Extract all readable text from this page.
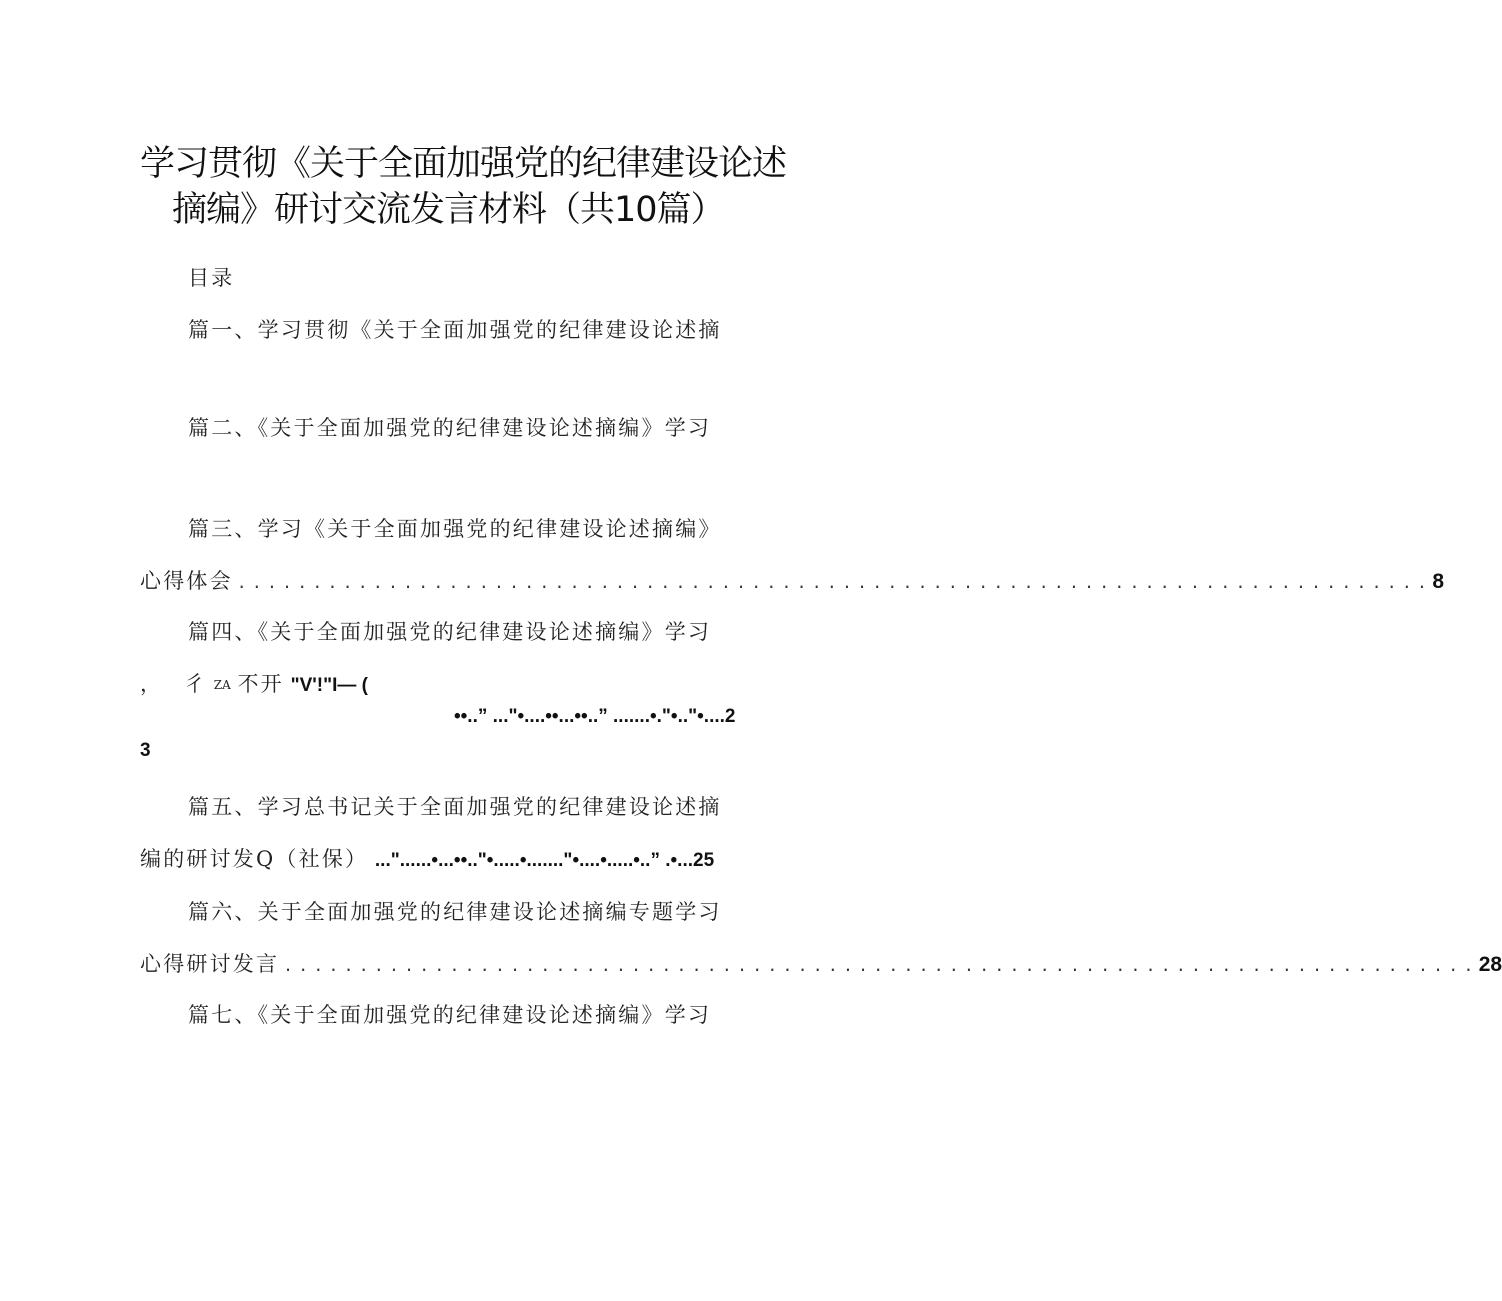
学习贯彻《关于全面加强党的纪律建设论述
摘编》研讨交流发言材料（共10篇）
目录
篇一、学习贯彻《关于全面加强党的纪律建设论述摘
篇二、《关于全面加强党的纪律建设论述摘编》学习
篇三、学习《关于全面加强党的纪律建设论述摘编》
心得体会 ............................................................................... 8
篇四、《关于全面加强党的纪律建设论述摘编》学习
， 彳 ZA 不开 "V'!"I— (
••..” ..."•....••...••..” .......•."•.."•....2
3
篇五、学习总书记关于全面加强党的纪律建设论述摘
编的研讨发Q（社保） ..."......•...••.."•.....•......."•....•.....•..” .•...25
篇六、关于全面加强党的纪律建设论述摘编专题学习
心得研讨发言 ............................................................................... 28
篇七、《关于全面加强党的纪律建设论述摘编》学习
